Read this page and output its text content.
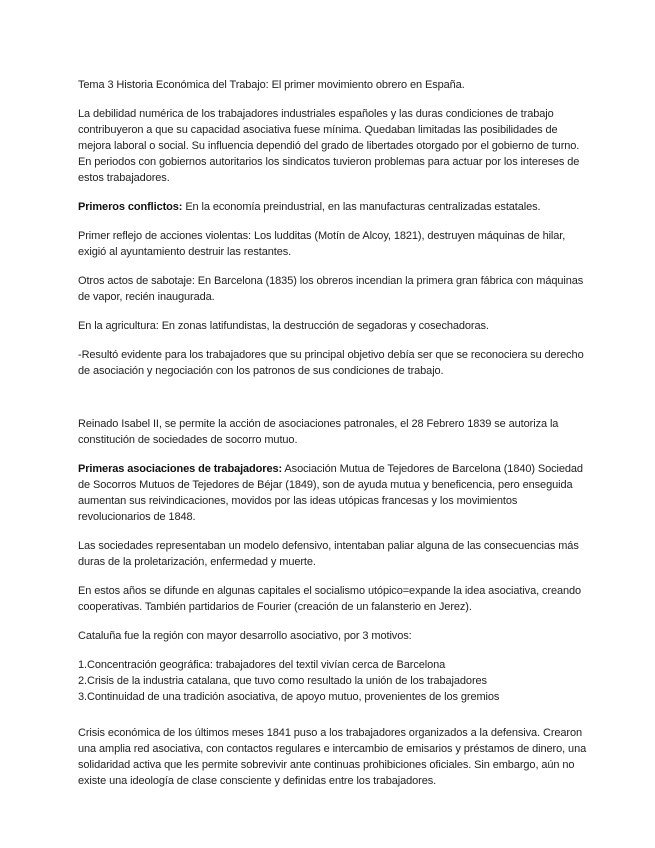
Tema 3 Historia Económica del Trabajo: El primer movimiento obrero en España.

La debilidad numérica de los trabajadores industriales españoles y las duras condiciones de trabajo contribuyeron a que su capacidad asociativa fuese mínima. Quedaban limitadas las posibilidades de mejora laboral o social. Su influencia dependió del grado de libertades otorgado por el gobierno de turno. En periodos con gobiernos autoritarios los sindicatos tuvieron problemas para actuar por los intereses de estos trabajadores.

Primeros conflictos: En la economía preindustrial, en las manufacturas centralizadas estatales.

Primer reflejo de acciones violentas: Los ludditas (Motín de Alcoy, 1821), destruyen máquinas de hilar, exigió al ayuntamiento destruir las restantes.

Otros actos de sabotaje: En Barcelona (1835) los obreros incendian la primera gran fábrica con máquinas de vapor, recién inaugurada.

En la agricultura: En zonas latifundistas, la destrucción de segadoras y cosechadoras.

-Resultó evidente para los trabajadores que su principal objetivo debía ser que se reconociera su derecho de asociación y negociación con los patronos de sus condiciones de trabajo.

Reinado Isabel II, se permite la acción de asociaciones patronales, el 28 Febrero 1839 se autoriza la constitución de sociedades de socorro mutuo.

Primeras asociaciones de trabajadores: Asociación Mutua de Tejedores de Barcelona (1840) Sociedad de Socorros Mutuos de Tejedores de Béjar (1849), son de ayuda mutua y beneficencia, pero enseguida aumentan sus reivindicaciones, movidos por las ideas utópicas francesas y los movimientos revolucionarios de 1848.

Las sociedades representaban un modelo defensivo, intentaban paliar alguna de las consecuencias más duras de la proletarización, enfermedad y muerte.

En estos años se difunde en algunas capitales el socialismo utópico=expande la idea asociativa, creando cooperativas. También partidarios de Fourier (creación de un falansterio en Jerez).

Cataluña fue la región con mayor desarrollo asociativo, por 3 motivos:

1.Concentración geográfica: trabajadores del textil vivían cerca de Barcelona

2.Crisis de la industria catalana, que tuvo como resultado la unión de los trabajadores

3.Continuidad de una tradición asociativa, de apoyo mutuo, provenientes de los gremios

Crisis económica de los últimos meses 1841 puso a los trabajadores organizados a la defensiva. Crearon una amplia red asociativa, con contactos regulares e intercambio de emisarios y préstamos de dinero, una solidaridad activa que les permite sobrevivir ante continuas prohibiciones oficiales. Sin embargo, aún no existe una ideología de clase consciente y definidas entre los trabajadores.
